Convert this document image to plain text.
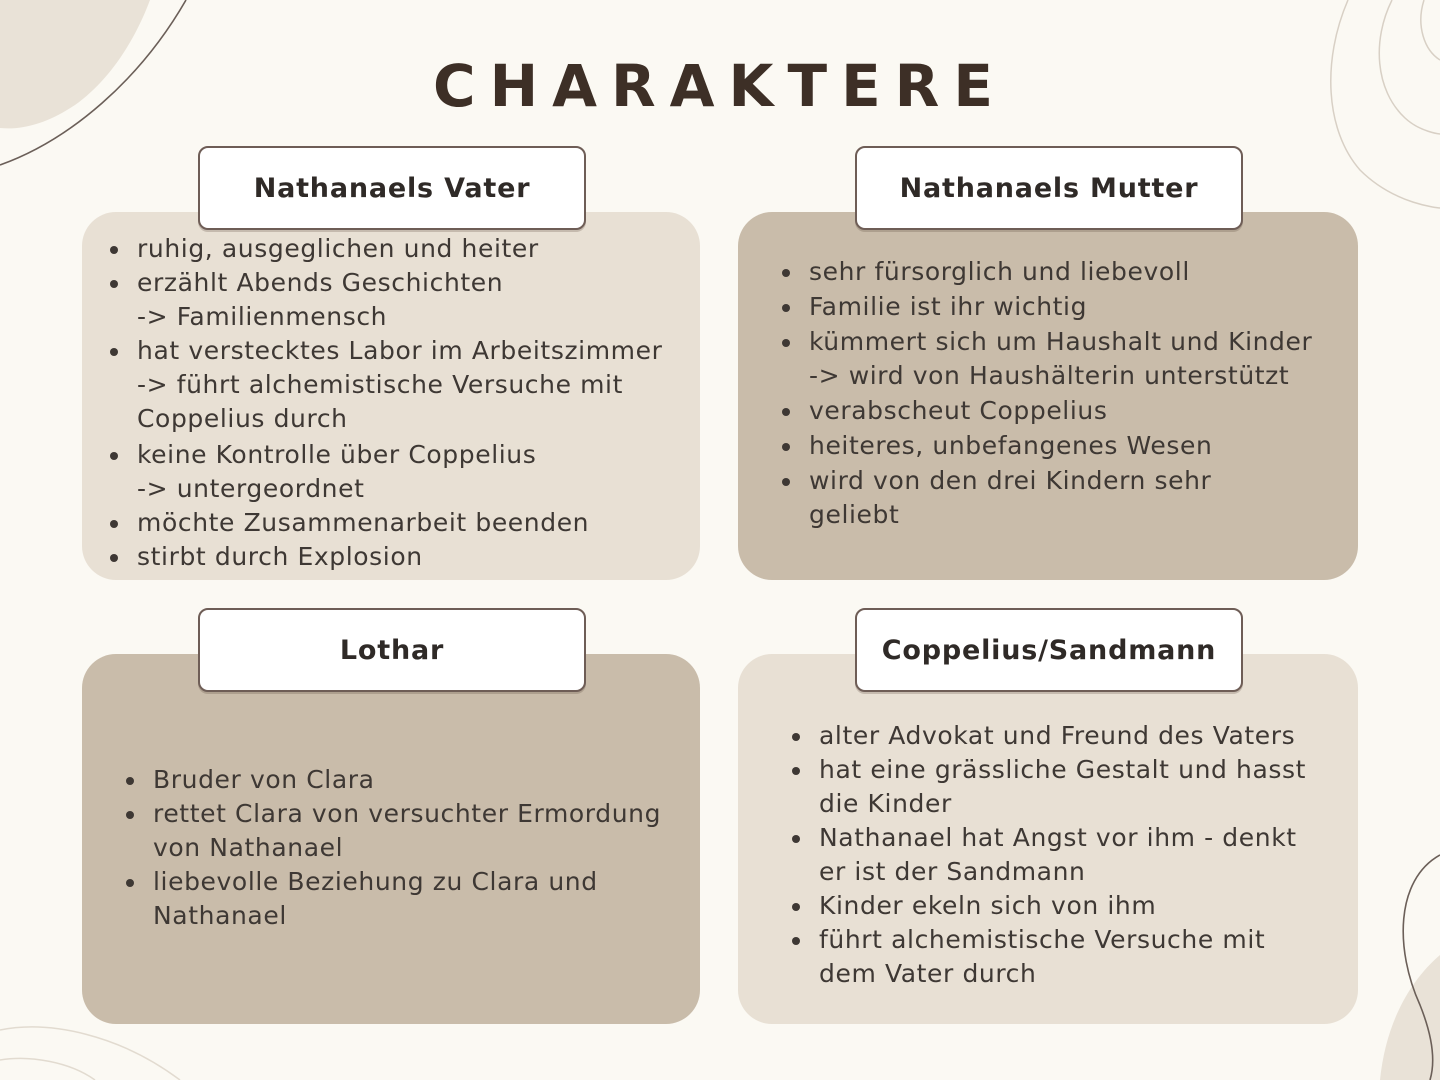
CHARAKTERE
ruhig, ausgeglichen und heiter
erzählt Abends Geschichten
-> Familienmensch
hat verstecktes Labor im Arbeitszimmer
-> führt alchemistische Versuche mit
Coppelius durch
keine Kontrolle über Coppelius
-> untergeordnet
möchte Zusammenarbeit beenden
stirbt durch Explosion
Nathanaels Vater
sehr fürsorglich und liebevoll
Familie ist ihr wichtig
kümmert sich um Haushalt und Kinder
-> wird von Haushälterin unterstützt
verabscheut Coppelius
heiteres, unbefangenes Wesen
wird von den drei Kindern sehr
geliebt
Nathanaels Mutter
Bruder von Clara
rettet Clara von versuchter Ermordung
von Nathanael
liebevolle Beziehung zu Clara und
Nathanael
Lothar
alter Advokat und Freund des Vaters
hat eine grässliche Gestalt und hasst
die Kinder
Nathanael hat Angst vor ihm - denkt
er ist der Sandmann
Kinder ekeln sich von ihm
führt alchemistische Versuche mit
dem Vater durch
Coppelius/Sandmann
